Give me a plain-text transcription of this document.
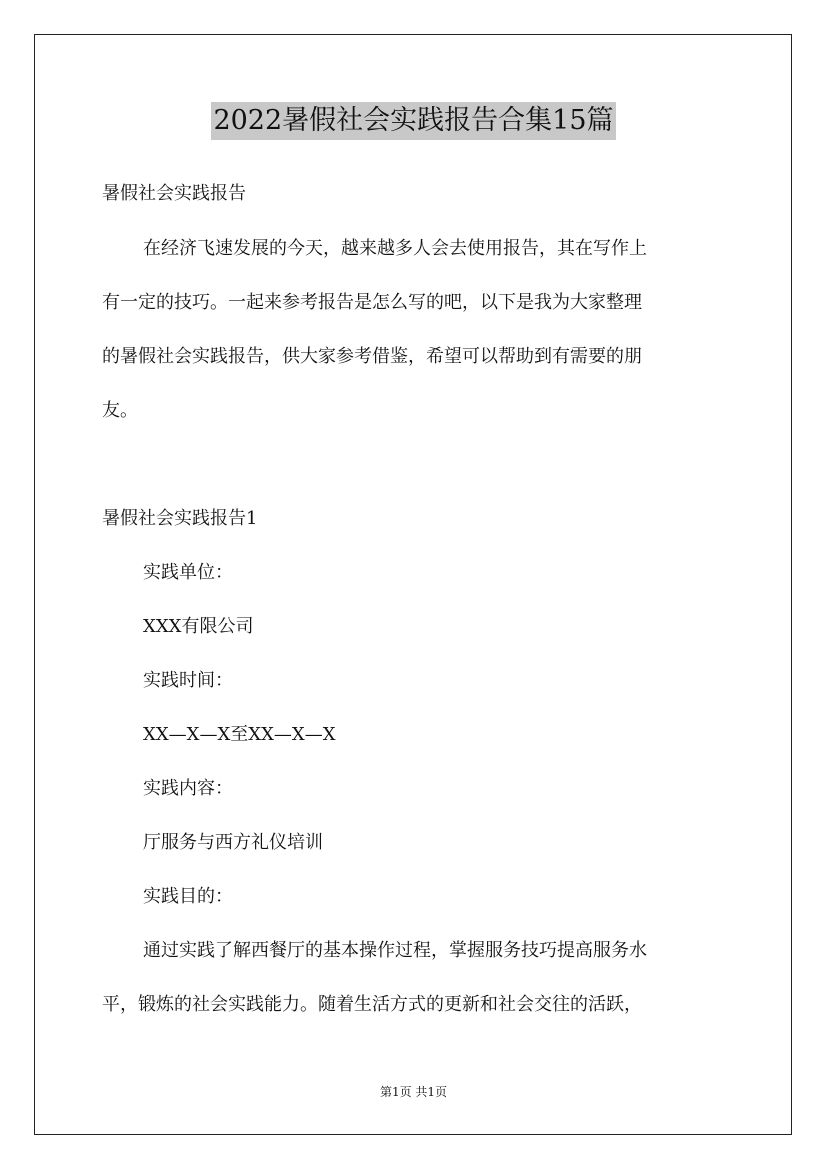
2022暑假社会实践报告合集15篇
暑假社会实践报告
在经济飞速发展的今天，越来越多人会去使用报告，其在写作上
有一定的技巧。一起来参考报告是怎么写的吧，以下是我为大家整理
的暑假社会实践报告，供大家参考借鉴，希望可以帮助到有需要的朋
友。
暑假社会实践报告1
实践单位：
XXX有限公司
实践时间：
XX—X—X至XX—X—X
实践内容：
厅服务与西方礼仪培训
实践目的：
通过实践了解西餐厅的基本操作过程，掌握服务技巧提高服务水
平，锻炼的社会实践能力。随着生活方式的更新和社会交往的活跃，
第1页 共1页
